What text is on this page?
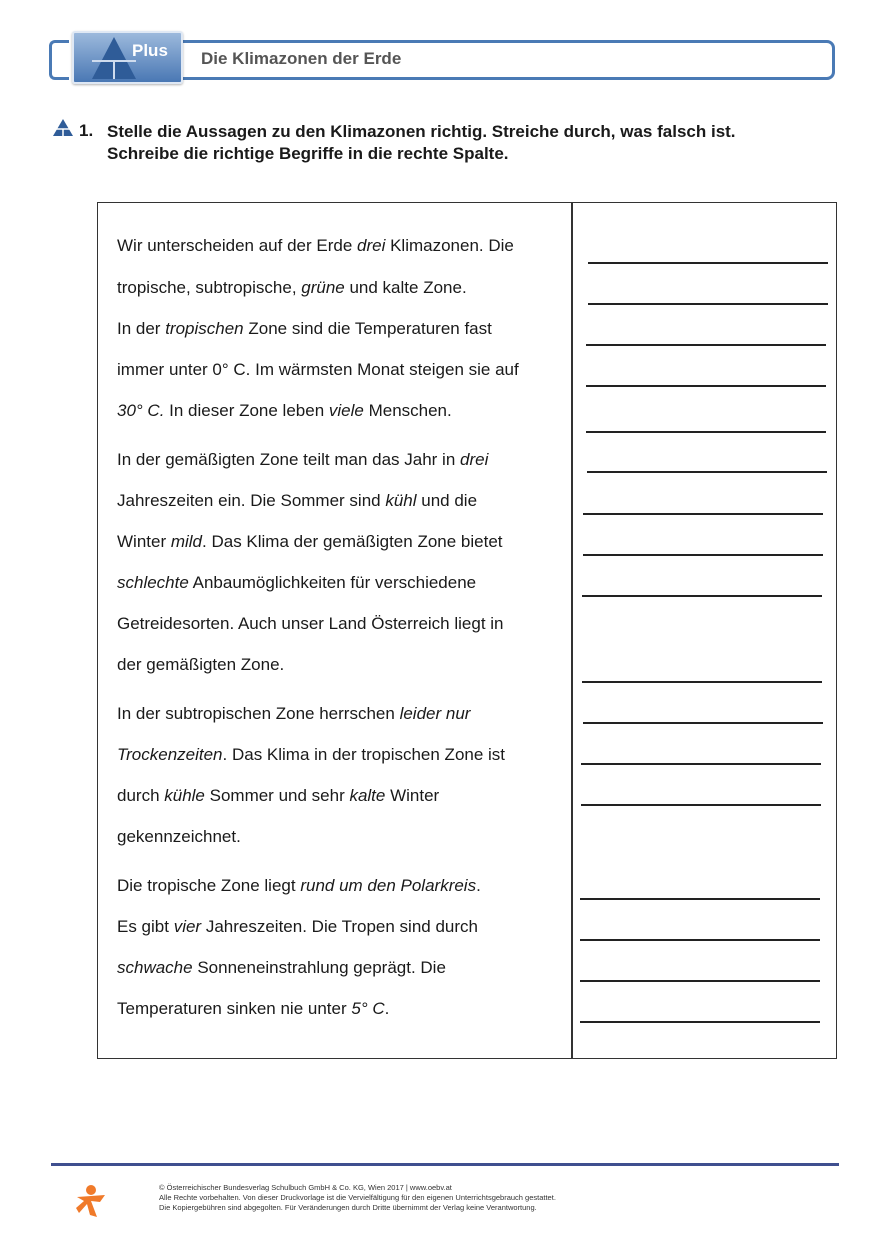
Plus Die Klimazonen der Erde
1. Stelle die Aussagen zu den Klimazonen richtig. Streiche durch, was falsch ist.
Schreibe die richtige Begriffe in die rechte Spalte.
Wir unterscheiden auf der Erde drei Klimazonen. Die
tropische, subtropische, grüne und kalte Zone.
In der tropischen Zone sind die Temperaturen fast
immer unter 0° C. Im wärmsten Monat steigen sie auf
30° C. In dieser Zone leben viele Menschen.
In der gemäßigten Zone teilt man das Jahr in drei
Jahreszeiten ein. Die Sommer sind kühl und die
Winter mild. Das Klima der gemäßigten Zone bietet
schlechte Anbaumöglichkeiten für verschiedene
Getreidesorten. Auch unser Land Österreich liegt in
der gemäßigten Zone.
In der subtropischen Zone herrschen leider nur
Trockenzeiten. Das Klima in der tropischen Zone ist
durch kühle Sommer und sehr kalte Winter
gekennzeichnet.
Die tropische Zone liegt rund um den Polarkreis.
Es gibt vier Jahreszeiten. Die Tropen sind durch
schwache Sonneneinstrahlung geprägt. Die
Temperaturen sinken nie unter 5° C.
© Österreichischer Bundesverlag Schulbuch GmbH & Co. KG, Wien 2017 | www.oebv.at
Alle Rechte vorbehalten. Von dieser Druckvorlage ist die Vervielfältigung für den eigenen Unterrichtsgebrauch gestattet.
Die Kopiergebühren sind abgegolten. Für Veränderungen durch Dritte übernimmt der Verlag keine Verantwortung.
